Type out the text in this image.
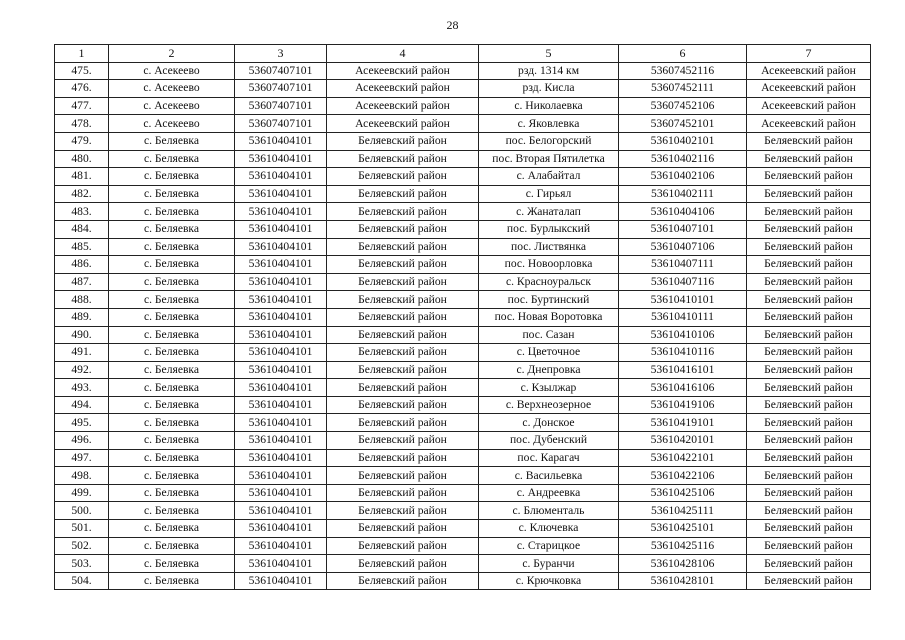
28
1	2	3	4	5	6	7
475.	с. Асекеево	53607407101	Асекеевский район	рзд. 1314 км	53607452116	Асекеевский район
476.	с. Асекеево	53607407101	Асекеевский район	рзд. Кисла	53607452111	Асекеевский район
477.	с. Асекеево	53607407101	Асекеевский район	с. Николаевка	53607452106	Асекеевский район
478.	с. Асекеево	53607407101	Асекеевский район	с. Яковлевка	53607452101	Асекеевский район
479.	с. Беляевка	53610404101	Беляевский район	пос. Белогорский	53610402101	Беляевский район
480.	с. Беляевка	53610404101	Беляевский район	пос. Вторая Пятилетка	53610402116	Беляевский район
481.	с. Беляевка	53610404101	Беляевский район	с. Алабайтал	53610402106	Беляевский район
482.	с. Беляевка	53610404101	Беляевский район	с. Гирьял	53610402111	Беляевский район
483.	с. Беляевка	53610404101	Беляевский район	с. Жанаталап	53610404106	Беляевский район
484.	с. Беляевка	53610404101	Беляевский район	пос. Бурлыкский	53610407101	Беляевский район
485.	с. Беляевка	53610404101	Беляевский район	пос. Листвянка	53610407106	Беляевский район
486.	с. Беляевка	53610404101	Беляевский район	пос. Новоорловка	53610407111	Беляевский район
487.	с. Беляевка	53610404101	Беляевский район	с. Красноуральск	53610407116	Беляевский район
488.	с. Беляевка	53610404101	Беляевский район	пос. Буртинский	53610410101	Беляевский район
489.	с. Беляевка	53610404101	Беляевский район	пос. Новая Воротовка	53610410111	Беляевский район
490.	с. Беляевка	53610404101	Беляевский район	пос. Сазан	53610410106	Беляевский район
491.	с. Беляевка	53610404101	Беляевский район	с. Цветочное	53610410116	Беляевский район
492.	с. Беляевка	53610404101	Беляевский район	с. Днепровка	53610416101	Беляевский район
493.	с. Беляевка	53610404101	Беляевский район	с. Кзылжар	53610416106	Беляевский район
494.	с. Беляевка	53610404101	Беляевский район	с. Верхнеозерное	53610419106	Беляевский район
495.	с. Беляевка	53610404101	Беляевский район	с. Донское	53610419101	Беляевский район
496.	с. Беляевка	53610404101	Беляевский район	пос. Дубенский	53610420101	Беляевский район
497.	с. Беляевка	53610404101	Беляевский район	пос. Карагач	53610422101	Беляевский район
498.	с. Беляевка	53610404101	Беляевский район	с. Васильевка	53610422106	Беляевский район
499.	с. Беляевка	53610404101	Беляевский район	с. Андреевка	53610425106	Беляевский район
500.	с. Беляевка	53610404101	Беляевский район	с. Блюменталь	53610425111	Беляевский район
501.	с. Беляевка	53610404101	Беляевский район	с. Ключевка	53610425101	Беляевский район
502.	с. Беляевка	53610404101	Беляевский район	с. Старицкое	53610425116	Беляевский район
503.	с. Беляевка	53610404101	Беляевский район	с. Буранчи	53610428106	Беляевский район
504.	с. Беляевка	53610404101	Беляевский район	с. Крючковка	53610428101	Беляевский район
